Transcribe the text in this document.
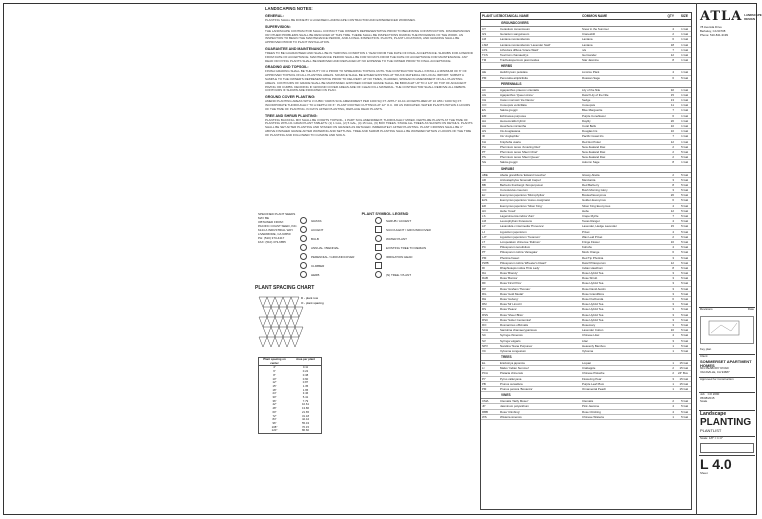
LANDSCAPING NOTES:
GENERAL:
PLANTING SHALL BE DONE BY A LICENSED LANDSCAPE CONTRACTOR AND EXPERIENCED WORKMEN.
SUPERVISION:
THE LANDSCAPE CONTRACTOR SHALL CONTACT THE OWNER'S REPRESENTATIVE PRIOR TO BEGINNING CONSTRUCTION. DISCREPANCIES OR OTHER PROBLEMS SHALL BE RESOLVED AT THIS TIME. THERE SHALL BE INSPECTIONS DURING THE PROGRESS OF THE WORK. AN INSPECTION TO BEGIN THE MAINTENANCE PERIOD, AND A FINAL INSPECTION. PLANTS, PLANT LOCATIONS, AND GRADING SHALL BE APPROVED PRIOR TO PLANT INSTALLATION.
GUARANTEE AND MAINTENANCE:
TREES TO BE GUARANTEED AND SHALL BE IN THRIVING CONDITION 1 YEAR FROM THE DATE OF FINAL ACCEPTANCE. SHRUBS FOR A PERIOD FROM DATE OF ACCEPTANCE. MAINTENANCE PERIOD SHALL BE FOR 90 DAYS FROM THE DATE OF ACCEPTANCE FOR MAINTENANCE. ANY DEAD OR DYING PLANTS SHALL BE REMOVED AND REPLACED AT NO EXPENSE TO THE OWNER PRIOR TO FINAL ACCEPTANCE.
GRADING AND TOPSOIL:
FINISH GRADING SHALL BE THE DUTY OF A PRIOR TO SPREADING TOPSOIL UNTIL THE CONTRACTOR SHALL INSTALL A MINIMUM OF 6" OF APPROVED TOPSOIL ON ALL PLANTING AREAS. SOURCE SHALL BE EITHER EXISTING AT TRUCK MATERIAL OR LOCAL IMPORT. SUBMIT A SAMPLE TO THE OWNER'S REPRESENTATIVE PRIOR TO DELIVERY. AT NO TIMES, IS ADDED, SPREAD IN AMENDMENT ON ALL PLANTING AREAS. CONTOURS OF GRADE SHALL BE MAINTAINED. EXPOSED COVER GRADE SHALL BE BROUGHT UP TO 2 1/2" OF TOP OF ADJACENT PAVING OR CURBS. DECIDING IF GROUND COVER AREAS ARE OF CLEAN FILL MATERIAL. THE CONTRACTOR SHALL REMOVE ALL DEBRIS. CONTOURS IF SHOWN ARE INDICATED ON PLAN.
GROUND COVER PLANTING:
AMEND PLANTING AREAS WITH 3 CUBIC YARDS SOIL AMENDMENT PER 1000 SQ FT. APPLY 10-10-10 FERTILIZER AT 10 LBS / 1000 SQ FT. INCORPORATE THOROUGHLY TO A DEPTH OF 6". PLANT ROOTED CUTTINGS AT 12" O.C. OR AS INDICATED. WATER PLANTS WITHIN 4 HOURS OF THE TIME OF PLANTING. IN DAYS AFTER PLANTING, REPLACE DEAD PLANTS.
TREE AND SHRUB PLANTING:
PLANTING BACKFILL MIX SHALL BE 3 PARTS TOPSOIL, 1 PART SOIL AMENDMENT, THOROUGHLY MIXED. FERTILIZE PLANTS AT THE TIME OF PLANTING WITH 21 GRAM PLANT TABLETS: (1) 1 GAL, (2) 5 GAL, (4) 15 GAL, (6) BOX TREES. STAKE ALL TREES AS SHOWN ON DETAILS. PLANTS SHALL BE SET AFTER PLANTING AND STAKED ON GRADES AS DETAILED. IMMEDIATELY AFTER PLANTING. PLANT CROWNS SHALL BE 1" ABOVE FINISHED GRADE AFTER WATERING AND SETTLING. TREE AND SHRUB PLANTING SHALL BE WATERED WITHIN 2 HOURS OF THE TIME OF PLANTING AND FOLLOWED TO CLIMATE AND SOILS.
SPECIFIED PLANT SEEDS MAY BE
OBTAINED FROM:
PACIFIC COAST SEED, INC.
6144 A INDUSTRIAL WAY
LIVERMORE, CA 94550
PH: (510) 373-4417
FAX: (510) 373-6855
PLANT SYMBOL LEGEND
GRASS	SHRUB / ACCENT
ACCENT	SUCCULENT / GROUNDCOVER
BULB	WATER PLANT
ANNUAL / BIENNIAL	EXISTING TREE TO REMAIN
PERENNIAL / GROUNDCOVER	IRRIGATION HEAD
CLIMBER
HERB	(N) TREE / PLANT
PLANT SPACING CHART
D - plant row
O - plant spacing
Plant spacing on center
Area per plant
4"	0.11
6"	0.22
8"	0.38
10"	0.60
12"	0.87
15"	1.35
18"	1.95
24"	3.46
30"	5.41
36"	7.79
42"	10.61
48"	13.86
60"	21.65
72"	31.18
84"	42.44
96"	55.43
108"	70.15
120"	86.60
PLANT LIST BOTANICAL NAME	COMMON NAME	QTY	SIZE
GROUNDCOVERS
CT	Cerastium tomentosum	Snow in the Summer	4	1 Gal
GS	Geranium sanguineum	Cranesbill	2	1 Gal
LM	Lantana montevidensis	Lantana	6	1 Gal
LSM	Lantana montevidensis 'Lavender Swirl'	Lantana	18	1 Gal
LFS	Lithodora diffusa 'Grace Ward'	n/a	7	1 Gal
TCS	Teucrium chamaedrys	Germander	12	1 Gal
TM	Trachelospermum jasminoides	Star Jasmine	8	1 Gal
HERBS
HE	Helichrysum petiolare	Licorice Plant	4	1 Gal
PM	Perovskia atriplicifolia	Russian Sage	6	5 Gal
PERENNIALS
AC	Agapanthus praecox orientalis	Lily of the Nile	32	1 Gal
AG	Agapanthus 'Queen Anne'	Dwarf Lily of the Nile	15	1 Gal
CH	Carex morrowii 'Ice Dance'	Sedge	13	1 Gal
CO	Coreopsis verticillata	Coreopsis	11	1 Gal
ES	Salvia greggii	Blue Marguerite	7	1 Gal
EM	Echinacea purpurea	Purple Coneflower	6	1 Gal
HA	Hemerocallis hybrid	Daylily	20	1 Gal
HH	Heuchera micrantha	Coral Bells	10	1 Gal
HS	Iris douglasiana	Douglas Iris	10	1 Gal
IR	Iris 'Anglophile'	Pacific Coast Iris	7	1 Gal
KH	Kniphofia uvaria	Red Hot Poker	12	1 Gal
PH	Phormium tenax 'Amazing Red'	New Zealand Flax	2	5 Gal
PT	Phormium tenax 'Maori Chief'	New Zealand Flax	2	5 Gal
PS	Phormium tenax 'Maori Queen'	New Zealand Flax	2	5 Gal
SG	Salvia greggii	Autumn Sage	8	1 Gal
SHRUBS
ABE	Abelia grandiflora 'Edward Goucher'	Glossy Abelia	2	5 Gal
AR	Arctostaphylos 'Emerald Carpet'	Manzanita	3	5 Gal
BB	Berberis thunbergii 'Atropurpurea'	Red Barberry	8	5 Gal
CO	Convolvulus cneorum	Bush Morning Glory	3	5 Gal
EJ	Euonymus japonicus 'Microphyllus'	Boxleaf Euonymus	26	5 Gal
EJS	Euonymus japonicus 'Aureo-marginata'	Golden Euonymus	6	5 Gal
ER	Euonymus japonicus 'Silver King'	Silver King Euonymus	4	5 Gal
HC	Hebe 'Coed'	Hebe	12	5 Gal
LS	Lagerstroemia indica 'Zuni'	Crape Myrtle	7	5 Gal
LM	Leucophyllum frutescens	Texas Ranger	4	5 Gal
LP	Lavandula x intermedia 'Provence'	Lavender, Hedge Lavender	15	5 Gal
LJ	Ligustrum japonicum	Privet	4	5 Gal
LJT	Ligustrum japonicum 'Texanum'	Wax Leaf Privet	2	5 Gal
LT	Loropetalum chinense 'Rubrum'	Fringe Flower	16	5 Gal
PC	Pittosporum tenuifolium	Kohuhu	4	5 Gal
PT	Pittosporum tobira 'Variegata'	Mock Orange	6	5 Gal
PM	Photinia fraseri	Red Tip Photinia	3	5 Gal
PWB	Pittosporum tobira 'Wheeler's Dwarf'	Dwarf Pittosporum	12	5 Gal
RI	Rhaphiolepis indica 'Pink Lady'	Indian Hawthorn	8	5 Gal
RA	Rosa 'Brandy'	Rose Hybrid Tea	3	5 Gal
RAB	Rosa 'Bonica'	Rose Shrub	3	5 Gal
RF	Rosa 'First Prize'	Rose Hybrid Tea	3	5 Gal
RP	Rosa 'Graham Thomas'	Rose David Austin	3	5 Gal
RG	Rosa 'Gold Medal'	Rose Grandiflora	3	5 Gal
RH	Rosa 'Iceberg'	Rose Floribunda	6	5 Gal
RM	Rosa 'Mr Lincoln'	Rose Hybrid Tea	3	5 Gal
RS	Rosa 'Peace'	Rose Hybrid Tea	3	5 Gal
RSS	Rosa 'Sheer Bliss'	Rose Hybrid Tea	3	5 Gal
RSC	Rosa 'Sutter Centennial'	Rose Hybrid Tea	3	5 Gal
RO	Rosmarinus officinalis	Rosemary	3	5 Gal
SCH	Santolina chamaecyparissus	Lavender Cotton	16	5 Gal
SC	Syringa chinensis	Chinese Lilac	4	5 Gal
SV	Syringa vulgaris	Lilac	3	5 Gal
NPV	Nandina 'Nana Purpurea'	Heavenly Bamboo	1	5 Gal
XC	Xylosma congestum	Xylosma	1	5 Gal
TREES
EL	Eriobotrya japonica	Loquat	1	15 Gal
LI	Malus 'Indian Summer'	Crabapple	2	15 Gal
PCA	Pistacia chinensis	Chinese Pistache	2	24" Box
PY	Pyrus calleryana	Flowering Pear	3	15 Gal
PB	Prunus cerasifera	Purple Leaf Plum	1	15 Gal
PM	Prunus persica 'Bonanza'	Ornamental Peach	1	15 Gal
VINES
CMA	Clematis 'Nelly Moser'	Clematis	2	5 Gal
JP	Jasminum polyanthum	Pink Jasmine	4	5 Gal
RBB	Rosa 'Climbing'	Rose Climbing	4	5 Gal
WS	Wisteria sinensis	Chinese Wisteria	1	5 Gal
ATLA LANDSCAPE DESIGN
78 Avenida Drive
Berkeley, CA 94708
Phone: 510-841-3199
Revisions	Date
Key plan
Client
SOMMERSET APARTMENT
HOMES
601 PEABODY ROAD
VACAVILLE, CA 94687
Approved for Construction
Job CO 2090
05/08/2015
Scale
Landscape
PLANTING
PLANTLIST
Scale: 1/8" = 1'-0"
L 4.0
Sheet
